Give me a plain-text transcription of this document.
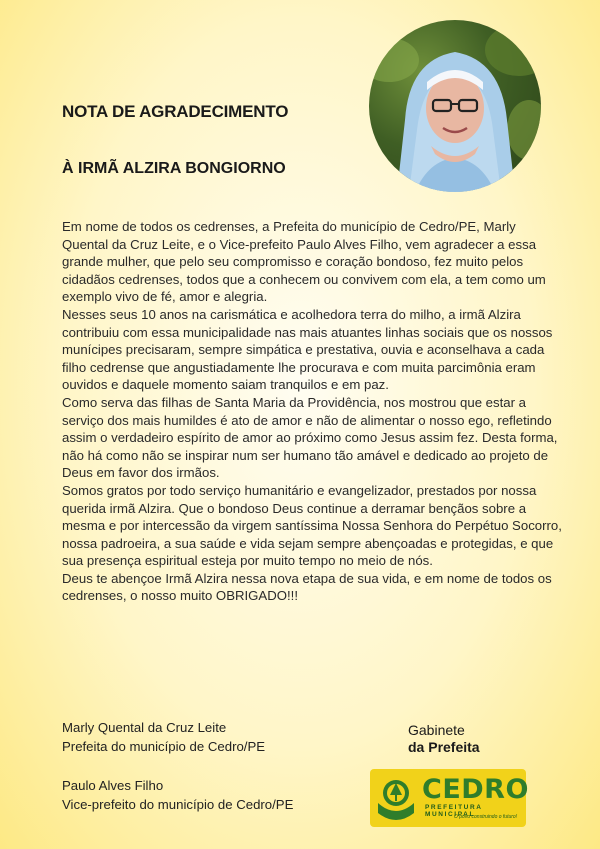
NOTA DE AGRADECIMENTO
À IRMÃ ALZIRA BONGIORNO

Em nome de todos os cedrenses, a Prefeita do município de Cedro/PE, Marly Quental da Cruz Leite, e o Vice-prefeito Paulo Alves Filho, vem agradecer a essa grande mulher, que pelo seu compromisso e coração bondoso, fez muito pelos cidadãos cedrenses, todos que a conhecem ou convivem com ela, a tem como um exemplo vivo de fé, amor e alegria.

Nesses seus 10 anos na carismática e acolhedora terra do milho, a irmã Alzira contribuiu com essa municipalidade nas mais atuantes linhas sociais que os nossos munícipes precisaram, sempre simpática e prestativa, ouvia e aconselhava a cada filho cedrense que angustiadamente lhe procurava e com muita parcimônia eram ouvidos e daquele momento saiam tranquilos e em paz.

Como serva das filhas de Santa Maria da Providência, nos mostrou que estar a serviço dos mais humildes é ato de amor e não de alimentar o nosso ego, refletindo assim o verdadeiro espírito de amor ao próximo como Jesus assim fez. Desta forma, não há como não se inspirar num ser humano tão amável e dedicado ao projeto de Deus em favor dos irmãos.

Somos gratos por todo serviço humanitário e evangelizador, prestados por nossa querida irmã Alzira. Que o bondoso Deus continue a derramar bençãos sobre a mesma e por intercessão da virgem santíssima Nossa Senhora do Perpétuo Socorro, nossa padroeira, a sua saúde e vida sejam sempre abençoadas e protegidas, e que sua presença espiritual esteja por muito tempo no meio de nós.

Deus te abençoe Irmã Alzira nessa nova etapa de sua vida, e em nome de todos os cedrenses, o nosso muito OBRIGADO!!!

Marly Quental da Cruz Leite
Prefeita do município de Cedro/PE
Paulo Alves Filho
Vice-prefeito do município de Cedro/PE
Gabinete
da Prefeita
CEDRO
PREFEITURA MUNICIPAL
O povo construindo o futuro!
